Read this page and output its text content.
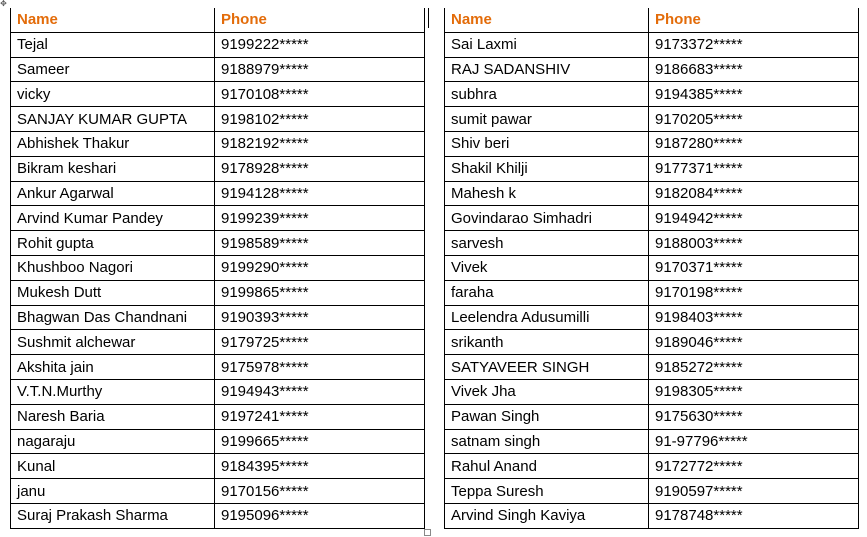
✥
Name	Phone
Tejal	9199222*****
Sameer	9188979*****
vicky	9170108*****
SANJAY KUMAR GUPTA	9198102*****
Abhishek Thakur	9182192*****
Bikram keshari	9178928*****
Ankur Agarwal	9194128*****
Arvind Kumar Pandey	9199239*****
Rohit gupta	9198589*****
Khushboo Nagori	9199290*****
Mukesh Dutt	9199865*****
Bhagwan Das Chandnani	9190393*****
Sushmit alchewar	9179725*****
Akshita jain	9175978*****
V.T.N.Murthy	9194943*****
Naresh Baria	9197241*****
nagaraju	9199665*****
Kunal	9184395*****
janu	9170156*****
Suraj Prakash Sharma	9195096*****
Name	Phone
Sai Laxmi	9173372*****
RAJ SADANSHIV	9186683*****
subhra	9194385*****
sumit pawar	9170205*****
Shiv beri	9187280*****
Shakil Khilji	9177371*****
Mahesh k	9182084*****
Govindarao Simhadri	9194942*****
sarvesh	9188003*****
Vivek	9170371*****
faraha	9170198*****
Leelendra Adusumilli	9198403*****
srikanth	9189046*****
SATYAVEER SINGH	9185272*****
Vivek Jha	9198305*****
Pawan Singh	9175630*****
satnam singh	91-97796*****
Rahul Anand	9172772*****
Teppa Suresh	9190597*****
Arvind Singh Kaviya	9178748*****
